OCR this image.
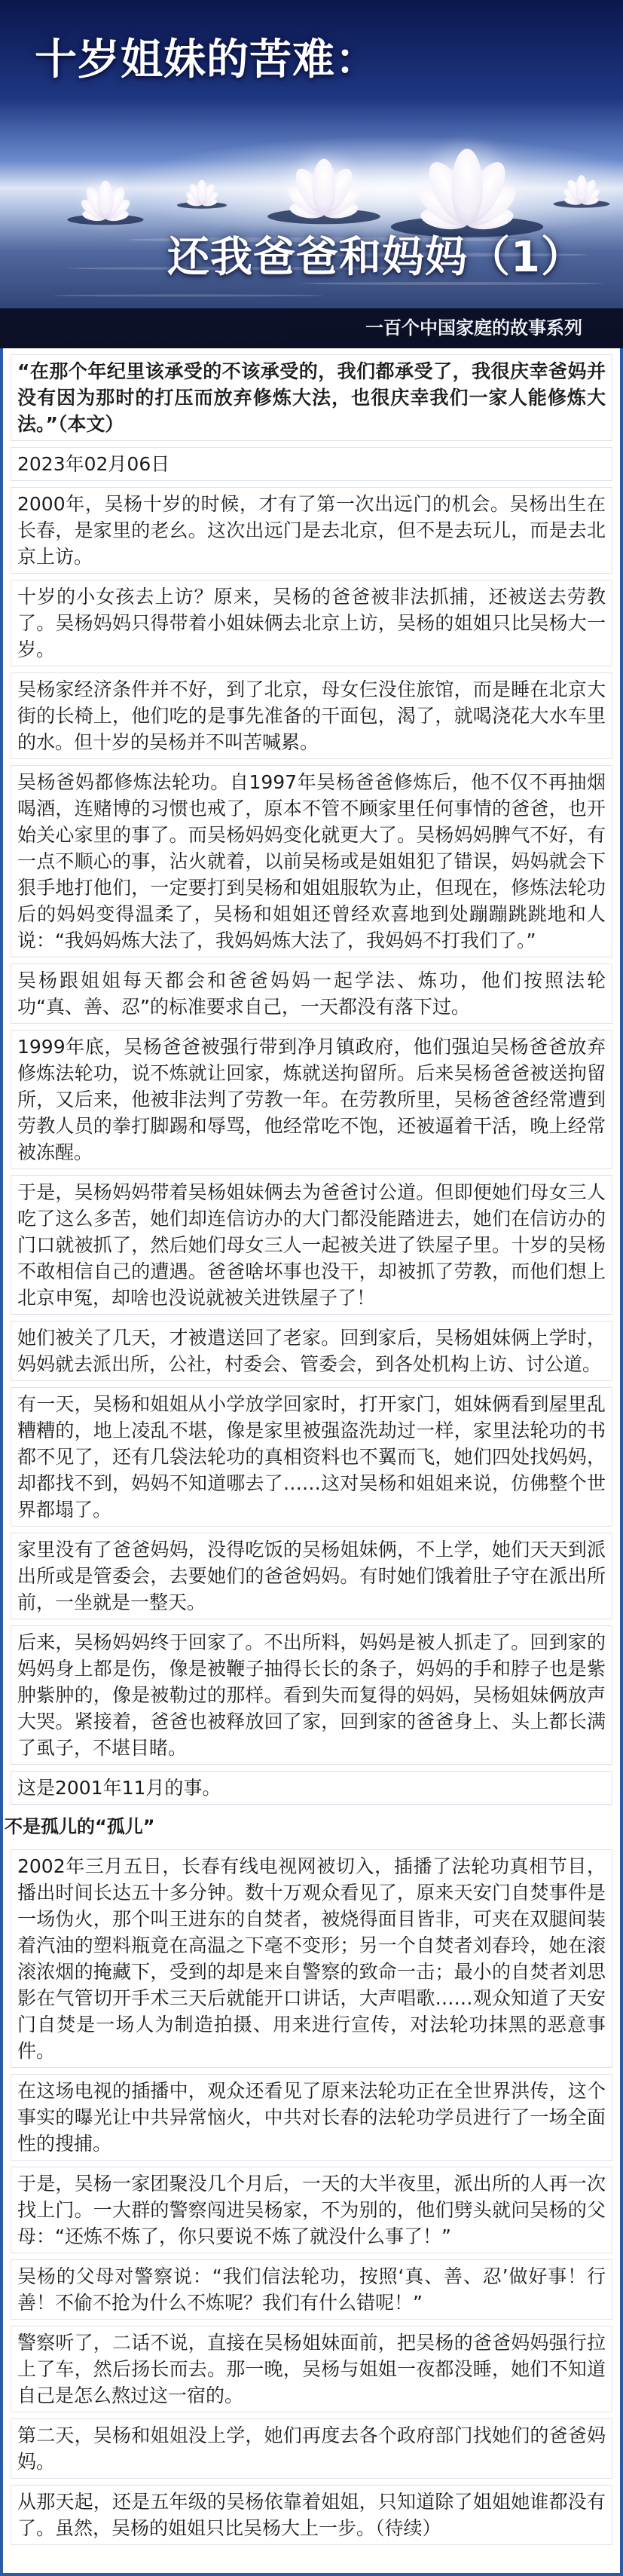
十岁姐妹的苦难：
还我爸爸和妈妈（1）
一百个中国家庭的故事系列

“在那个年纪里该承受的不该承受的，我们都承受了，我很庆幸爸妈并没有因为那时的打压而放弃修炼大法，也很庆幸我们一家人能修炼大法。”（本文）

2023年02月06日

2000年，吴杨十岁的时候，才有了第一次出远门的机会。吴杨出生在长春，是家里的老幺。这次出远门是去北京，但不是去玩儿，而是去北京上访。

十岁的小女孩去上访？原来，吴杨的爸爸被非法抓捕，还被送去劳教了。吴杨妈妈只得带着小姐妹俩去北京上访，吴杨的姐姐只比吴杨大一岁。

吴杨家经济条件并不好，到了北京，母女仨没住旅馆，而是睡在北京大街的长椅上，他们吃的是事先准备的干面包，渴了，就喝浇花大水车里的水。但十岁的吴杨并不叫苦喊累。

吴杨爸妈都修炼法轮功。自1997年吴杨爸爸修炼后，他不仅不再抽烟喝酒，连赌博的习惯也戒了，原本不管不顾家里任何事情的爸爸，也开始关心家里的事了。而吴杨妈妈变化就更大了。吴杨妈妈脾气不好，有一点不顺心的事，沾火就着，以前吴杨或是姐姐犯了错误，妈妈就会下狠手地打他们，一定要打到吴杨和姐姐服软为止，但现在，修炼法轮功后的妈妈变得温柔了，吴杨和姐姐还曾经欢喜地到处蹦蹦跳跳地和人说：“我妈妈炼大法了，我妈妈炼大法了，我妈妈不打我们了。”

吴杨跟姐姐每天都会和爸爸妈妈一起学法、炼功，他们按照法轮功“真、善、忍”的标准要求自己，一天都没有落下过。

1999年底，吴杨爸爸被强行带到净月镇政府，他们强迫吴杨爸爸放弃修炼法轮功，说不炼就让回家，炼就送拘留所。后来吴杨爸爸被送拘留所，又后来，他被非法判了劳教一年。在劳教所里，吴杨爸爸经常遭到劳教人员的拳打脚踢和辱骂，他经常吃不饱，还被逼着干活，晚上经常被冻醒。

于是，吴杨妈妈带着吴杨姐妹俩去为爸爸讨公道。但即便她们母女三人吃了这么多苦，她们却连信访办的大门都没能踏进去，她们在信访办的门口就被抓了，然后她们母女三人一起被关进了铁屋子里。十岁的吴杨不敢相信自己的遭遇。爸爸啥坏事也没干，却被抓了劳教，而他们想上北京申冤，却啥也没说就被关进铁屋子了！

她们被关了几天，才被遣送回了老家。回到家后，吴杨姐妹俩上学时，妈妈就去派出所，公社，村委会、管委会，到各处机构上访、讨公道。

有一天，吴杨和姐姐从小学放学回家时，打开家门，姐妹俩看到屋里乱糟糟的，地上凌乱不堪，像是家里被强盗洗劫过一样，家里法轮功的书都不见了，还有几袋法轮功的真相资料也不翼而飞，她们四处找妈妈，却都找不到，妈妈不知道哪去了……这对吴杨和姐姐来说，仿佛整个世界都塌了。

家里没有了爸爸妈妈，没得吃饭的吴杨姐妹俩，不上学，她们天天到派出所或是管委会，去要她们的爸爸妈妈。有时她们饿着肚子守在派出所前，一坐就是一整天。

后来，吴杨妈妈终于回家了。不出所料，妈妈是被人抓走了。回到家的妈妈身上都是伤，像是被鞭子抽得长长的条子，妈妈的手和脖子也是紫肿紫肿的，像是被勒过的那样。看到失而复得的妈妈，吴杨姐妹俩放声大哭。紧接着，爸爸也被释放回了家，回到家的爸爸身上、头上都长满了虱子，不堪目睹。

这是2001年11月的事。

不是孤儿的“孤儿”

2002年三月五日，长春有线电视网被切入，插播了法轮功真相节目，播出时间长达五十多分钟。数十万观众看见了，原来天安门自焚事件是一场伪火，那个叫王进东的自焚者，被烧得面目皆非，可夹在双腿间装着汽油的塑料瓶竟在高温之下毫不变形；另一个自焚者刘春玲，她在滚滚浓烟的掩藏下，受到的却是来自警察的致命一击；最小的自焚者刘思影在气管切开手术三天后就能开口讲话，大声唱歌……观众知道了天安门自焚是一场人为制造拍摄、用来进行宣传，对法轮功抹黑的恶意事件。

在这场电视的插播中，观众还看见了原来法轮功正在全世界洪传，这个事实的曝光让中共异常恼火，中共对长春的法轮功学员进行了一场全面性的搜捕。

于是，吴杨一家团聚没几个月后，一天的大半夜里，派出所的人再一次找上门。一大群的警察闯进吴杨家，不为别的，他们劈头就问吴杨的父母：“还炼不炼了，你只要说不炼了就没什么事了！”

吴杨的父母对警察说：“我们信法轮功，按照‘真、善、忍’做好事！行善！不偷不抢为什么不炼呢？我们有什么错呢！”

警察听了，二话不说，直接在吴杨姐妹面前，把吴杨的爸爸妈妈强行拉上了车，然后扬长而去。那一晚，吴杨与姐姐一夜都没睡，她们不知道自己是怎么熬过这一宿的。

第二天，吴杨和姐姐没上学，她们再度去各个政府部门找她们的爸爸妈妈。

从那天起，还是五年级的吴杨依靠着姐姐，只知道除了姐姐她谁都没有了。虽然，吴杨的姐姐只比吴杨大上一步。（待续）
